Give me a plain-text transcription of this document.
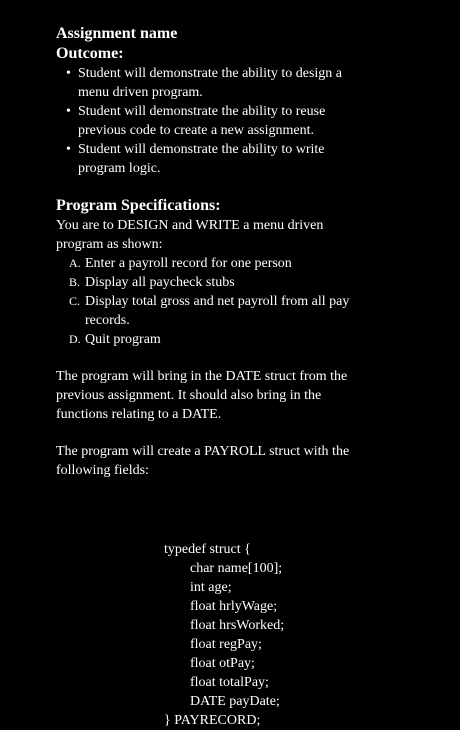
Assignment name

Outcome:

• Student will demonstrate the ability to design a
menu driven program.
• Student will demonstrate the ability to reuse
previous code to create a new assignment.
• Student will demonstrate the ability to write
program logic.

Program Specifications:

You are to DESIGN and WRITE a menu driven

program as shown:

A. Enter a payroll record for one person
B. Display all paycheck stubs
C. Display total gross and net payroll from all pay
records.
D. Quit program

The program will bring in the DATE struct from the

previous assignment. It should also bring in the

functions relating to a DATE.

The program will create a PAYROLL struct with the

following fields:

typedef struct {
char name[100];
int age;
float hrlyWage;
float hrsWorked;
float regPay;
float otPay;
float totalPay;
DATE payDate;
} PAYRECORD;
